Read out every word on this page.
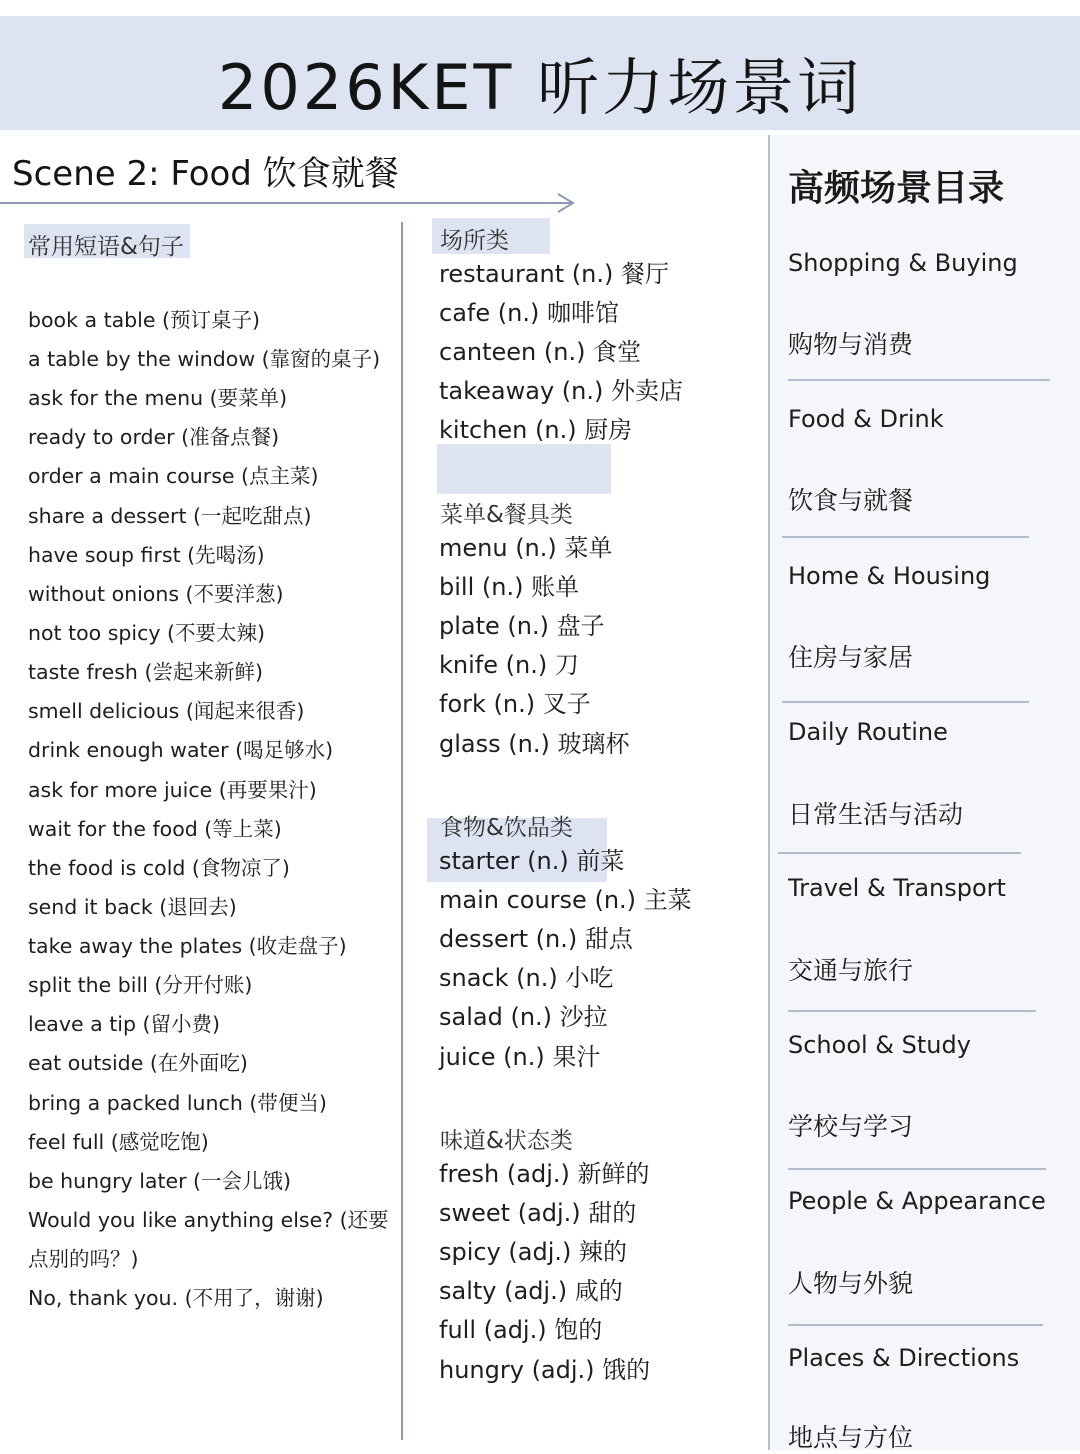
2026KET 听力场景词
Scene 2: Food 饮食就餐
常用短语&句子
book a table (预订桌子)
a table by the window (靠窗的桌子)
ask for the menu (要菜单)
ready to order (准备点餐)
order a main course (点主菜)
share a dessert (一起吃甜点)
have soup first (先喝汤)
without onions (不要洋葱)
not too spicy (不要太辣)
taste fresh (尝起来新鲜)
smell delicious (闻起来很香)
drink enough water (喝足够水)
ask for more juice (再要果汁)
wait for the food (等上菜)
the food is cold (食物凉了)
send it back (退回去)
take away the plates (收走盘子)
split the bill (分开付账)
leave a tip (留小费)
eat outside (在外面吃)
bring a packed lunch (带便当)
feel full (感觉吃饱)
be hungry later (一会儿饿)
Would you like anything else? (还要
点别的吗？)
No, thank you. (不用了，谢谢)
场所类
restaurant (n.) 餐厅
cafe (n.) 咖啡馆
canteen (n.) 食堂
takeaway (n.) 外卖店
kitchen (n.) 厨房
菜单&餐具类
menu (n.) 菜单
bill (n.) 账单
plate (n.) 盘子
knife (n.) 刀
fork (n.) 叉子
glass (n.) 玻璃杯
食物&饮品类
starter (n.) 前菜
main course (n.) 主菜
dessert (n.) 甜点
snack (n.) 小吃
salad (n.) 沙拉
juice (n.) 果汁
味道&状态类
fresh (adj.) 新鲜的
sweet (adj.) 甜的
spicy (adj.) 辣的
salty (adj.) 咸的
full (adj.) 饱的
hungry (adj.) 饿的
高频场景目录
Shopping & Buying
购物与消费
Food & Drink
饮食与就餐
Home & Housing
住房与家居
Daily Routine
日常生活与活动
Travel & Transport
交通与旅行
School & Study
学校与学习
People & Appearance
人物与外貌
Places & Directions
地点与方位
